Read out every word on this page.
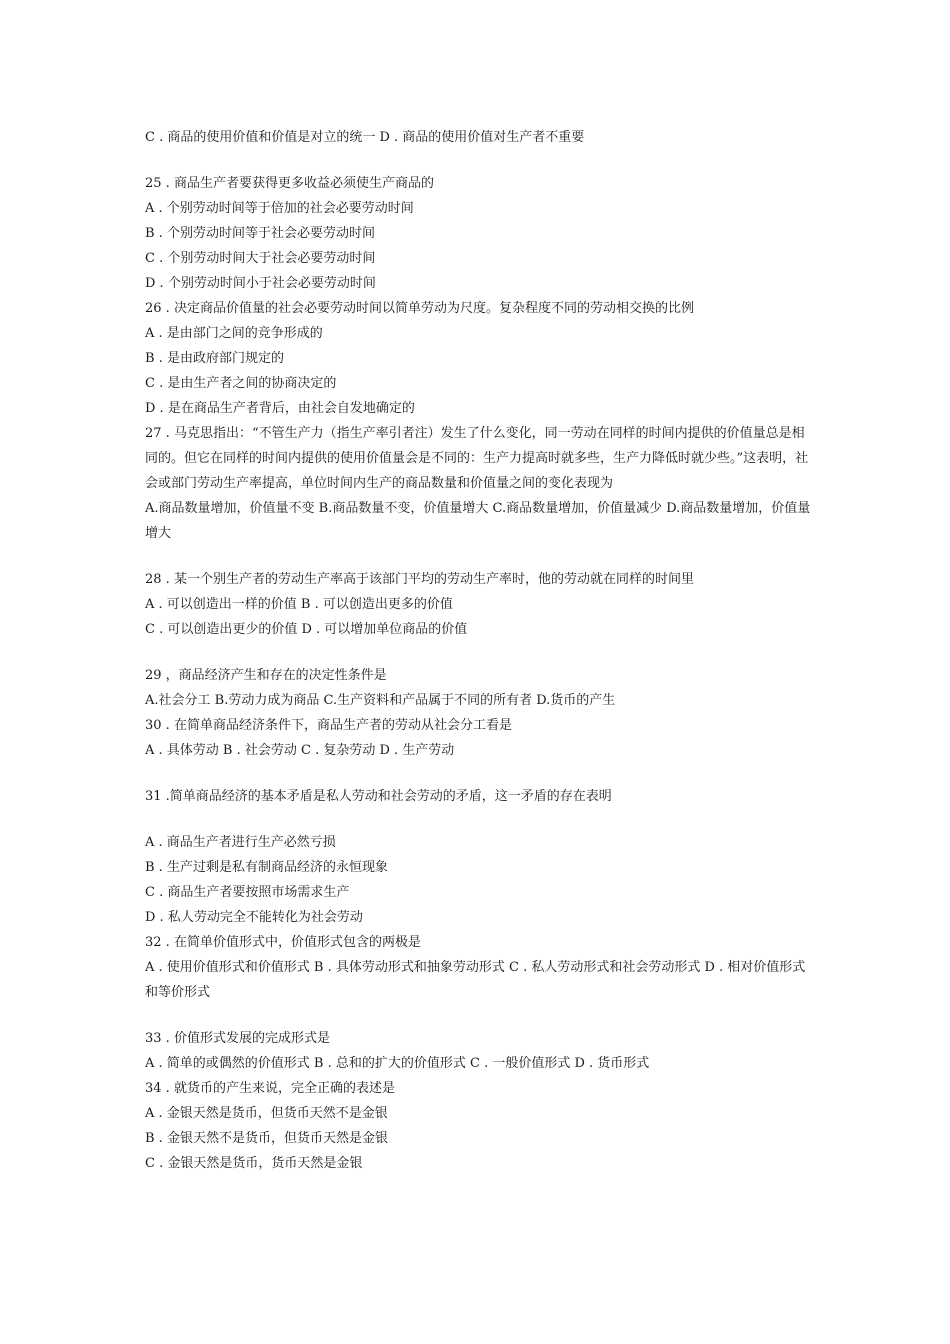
C . 商品的使用价值和价值是对立的统一 D . 商品的使用价值对生产者不重要
25 . 商品生产者要获得更多收益必须使生产商品的
A . 个别劳动时间等于倍加的社会必要劳动时间
B . 个别劳动时间等于社会必要劳动时间
C . 个别劳动时间大于社会必要劳动时间
D . 个别劳动时间小于社会必要劳动时间
26 . 决定商品价值量的社会必要劳动时间以简单劳动为尺度。复杂程度不同的劳动相交换的比例
A . 是由部门之间的竞争形成的
B . 是由政府部门规定的
C . 是由生产者之间的协商决定的
D . 是在商品生产者背后，由社会自发地确定的
27 . 马克思指出：“不管生产力（指生产率引者注）发生了什么变化，同一劳动在同样的时间内提供的价值量总是相同的。但它在同样的时间内提供的使用价值量会是不同的：生产力提高时就多些，生产力降低时就少些。”这表明，社会或部门劳动生产率提高，单位时间内生产的商品数量和价值量之间的变化表现为
A.商品数量增加，价值量不变 B.商品数量不变，价值量增大 C.商品数量增加，价值量减少 D.商品数量增加，价值量增大
28 . 某一个别生产者的劳动生产率高于该部门平均的劳动生产率时，他的劳动就在同样的时间里
A . 可以创造出一样的价值 B . 可以创造出更多的价值
C . 可以创造出更少的价值 D . 可以增加单位商品的价值
29 ，商品经济产生和存在的决定性条件是
A.社会分工 B.劳动力成为商品 C.生产资料和产品属于不同的所有者 D.货币的产生
30 . 在简单商品经济条件下，商品生产者的劳动从社会分工看是
A . 具体劳动 B . 社会劳动 C . 复杂劳动 D . 生产劳动
31 .简单商品经济的基本矛盾是私人劳动和社会劳动的矛盾，这一矛盾的存在表明
A . 商品生产者进行生产必然亏损
B . 生产过剩是私有制商品经济的永恒现象
C . 商品生产者要按照市场需求生产
D . 私人劳动完全不能转化为社会劳动
32 . 在简单价值形式中，价值形式包含的两极是
A . 使用价值形式和价值形式 B . 具体劳动形式和抽象劳动形式 C . 私人劳动形式和社会劳动形式 D . 相对价值形式和等价形式
33 . 价值形式发展的完成形式是
A . 简单的或偶然的价值形式 B . 总和的扩大的价值形式 C . 一般价值形式 D . 货币形式
34 . 就货币的产生来说，完全正确的表述是
A . 金银天然是货币，但货币天然不是金银
B . 金银天然不是货币，但货币天然是金银
C . 金银天然是货币，货币天然是金银
